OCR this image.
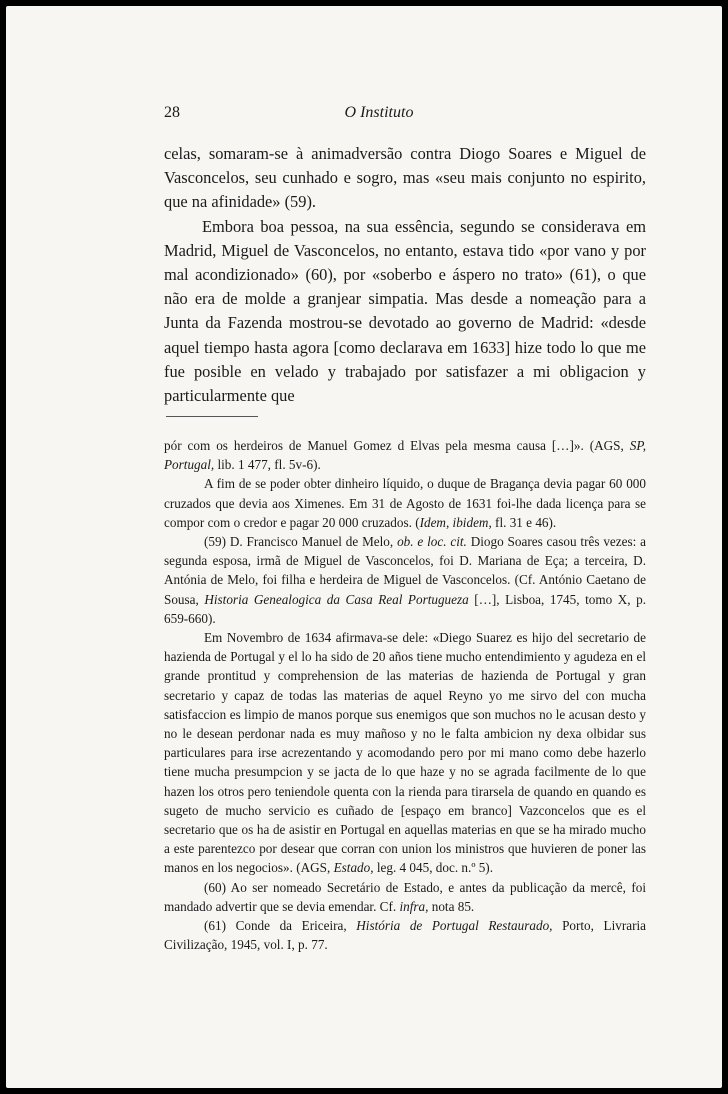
28	O Instituto

celas, somaram-se à animadversão contra Diogo Soares e Miguel de Vasconcelos, seu cunhado e sogro, mas «seu mais conjunto no espirito, que na afinidade» (59).

Embora boa pessoa, na sua essência, segundo se considerava em Madrid, Miguel de Vasconcelos, no entanto, estava tido «por vano y por mal acondizionado» (60), por «soberbo e áspero no trato» (61), o que não era de molde a granjear simpatia. Mas desde a nomeação para a Junta da Fazenda mostrou-se devotado ao governo de Madrid: «desde aquel tiempo hasta agora [como declarava em 1633] hize todo lo que me fue posible en velado y trabajado por satisfazer a mi obligacion y particularmente que

pór com os herdeiros de Manuel Gomez d Elvas pela mesma causa […]». (AGS, SP, Portugal, lib. 1 477, fl. 5v-6).

A fim de se poder obter dinheiro líquido, o duque de Bragança devia pagar 60 000 cruzados que devia aos Ximenes. Em 31 de Agosto de 1631 foi-lhe dada licença para se compor com o credor e pagar 20 000 cruzados. (Idem, ibidem, fl. 31 e 46).

(59) D. Francisco Manuel de Melo, ob. e loc. cit. Diogo Soares casou três vezes: a segunda esposa, irmã de Miguel de Vasconcelos, foi D. Mariana de Eça; a terceira, D. Antónia de Melo, foi filha e herdeira de Miguel de Vasconcelos. (Cf. António Caetano de Sousa, Historia Genealogica da Casa Real Portugueza […], Lisboa, 1745, tomo X, p. 659-660).

Em Novembro de 1634 afirmava-se dele: «Diego Suarez es hijo del secretario de hazienda de Portugal y el lo ha sido de 20 años tiene mucho entendimiento y agudeza en el grande prontitud y comprehension de las materias de hazienda de Portugal y gran secretario y capaz de todas las materias de aquel Reyno yo me sirvo del con mucha satisfaccion es limpio de manos porque sus enemigos que son muchos no le acusan desto y no le desean perdonar nada es muy mañoso y no le falta ambicion ny dexa olbidar sus particulares para irse acrezentando y acomodando pero por mi mano como debe hazerlo tiene mucha presumpcion y se jacta de lo que haze y no se agrada facilmente de lo que hazen los otros pero teniendole quenta con la rienda para tirarsela de quando en quando es sugeto de mucho servicio es cuñado de [espaço em branco] Vazconcelos que es el secretario que os ha de asistir en Portugal en aquellas materias en que se ha mirado mucho a este parentezco por desear que corran con union los ministros que huvieren de poner las manos en los negocios». (AGS, Estado, leg. 4 045, doc. n.º 5).

(60) Ao ser nomeado Secretário de Estado, e antes da publicação da mercê, foi mandado advertir que se devia emendar. Cf. infra, nota 85.

(61) Conde da Ericeira, História de Portugal Restaurado, Porto, Livraria Civilização, 1945, vol. I, p. 77.
